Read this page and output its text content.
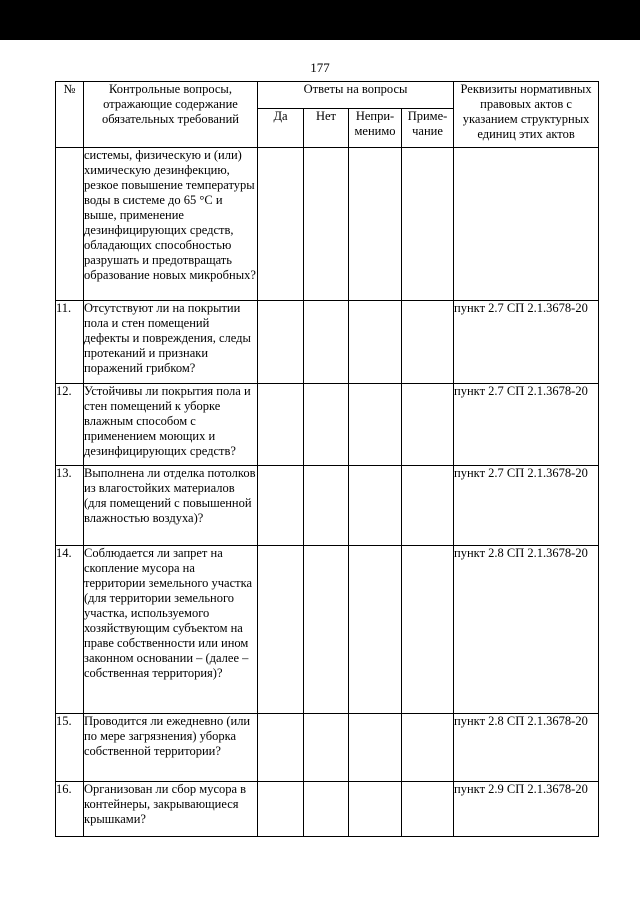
177
№	Контрольные вопросы, отражающие содержание обязательных требований	Ответы на вопросы				Реквизиты нормативных правовых актов с указанием структурных единиц этих актов
		Да	Нет	Непри-менимо	Приме-чание	
	системы, физическую и (или) химическую дезинфекцию, резкое повышение температуры воды в системе до 65 °С и выше, применение дезинфицирующих средств, обладающих способностью разрушать и предотвращать образование новых микробных?					
11.	Отсутствуют ли на покрытии пола и стен помещений дефекты и повреждения, следы протеканий и признаки поражений грибком?					пункт 2.7 СП 2.1.3678-20
12.	Устойчивы ли покрытия пола и стен помещений к уборке влажным способом с применением моющих и дезинфицирующих средств?					пункт 2.7 СП 2.1.3678-20
13.	Выполнена ли отделка потолков из влагостойких материалов (для помещений с повышенной влажностью воздуха)?					пункт 2.7 СП 2.1.3678-20
14.	Соблюдается ли запрет на скопление мусора на территории земельного участка (для территории земельного участка, используемого хозяйствующим субъектом на праве собственности или ином законном основании – (далее – собственная территория)?					пункт 2.8 СП 2.1.3678-20
15.	Проводится ли ежедневно (или по мере загрязнения) уборка собственной территории?					пункт 2.8 СП 2.1.3678-20
16.	Организован ли сбор мусора в контейнеры, закрывающиеся крышками?					пункт 2.9 СП 2.1.3678-20
